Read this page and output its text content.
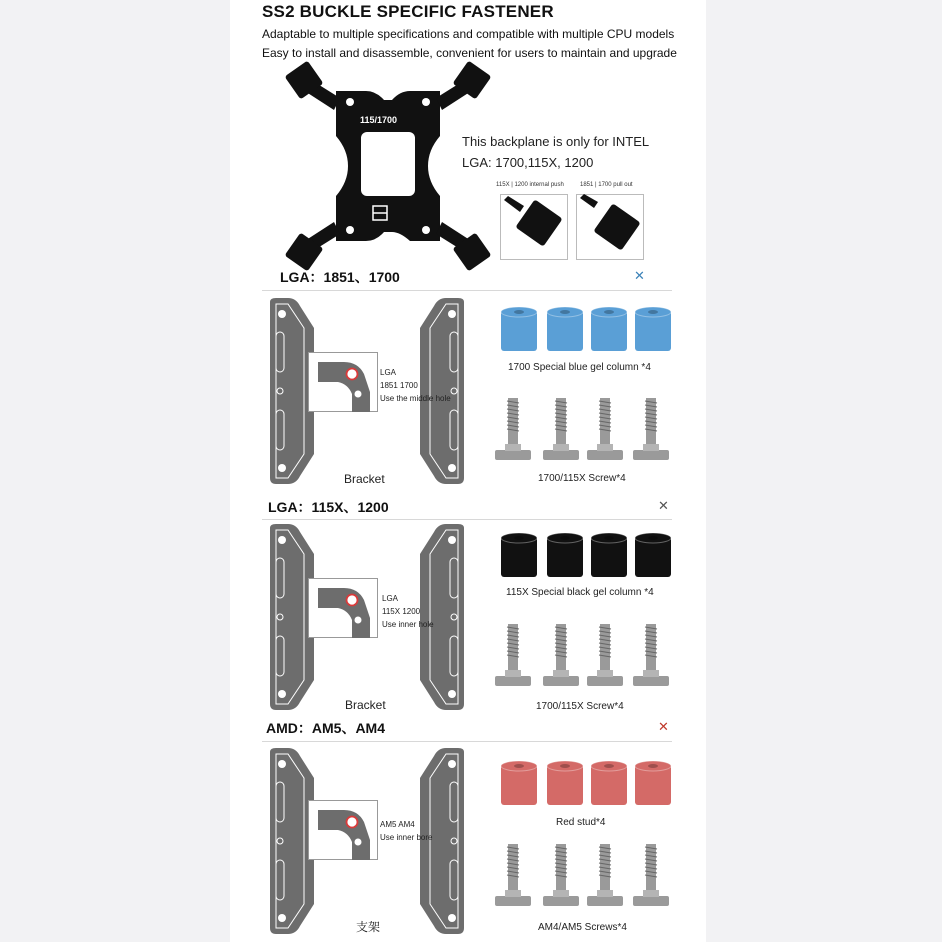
SS2 BUCKLE SPECIFIC FASTENER
Adaptable to multiple specifications and compatible with multiple CPU models
Easy to install and disassemble, convenient for users to maintain and upgrade
115/1700
This backplane is only for INTEL
LGA: 1700,115X, 1200
115X | 1200 internal push	1851 | 1700 pull out
LGA：1851、1700	✕
LGA：115X、1200	✕
AMD：AM5、AM4	✕
LGA
1851 1700
Use the middle hole
Bracket
1700 Special blue gel column *4
1700/115X Screw*4
LGA
115X 1200
Use inner hole
Bracket
115X Special black gel column *4
1700/115X Screw*4
AM5 AM4
Use inner bore
支架
Red stud*4
AM4/AM5 Screws*4
